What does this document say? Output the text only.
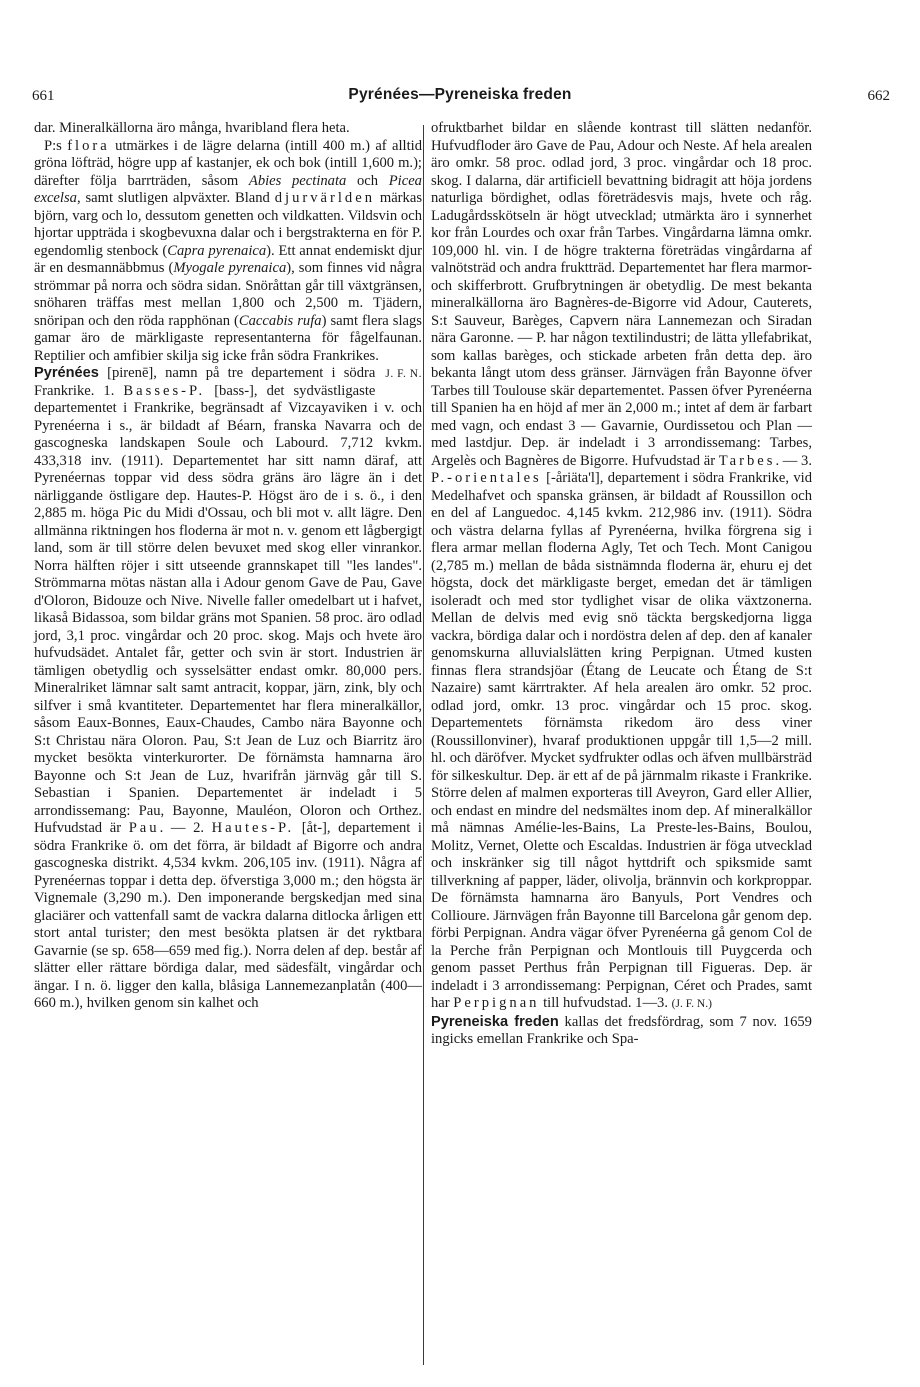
661	Pyrénées—Pyreneiska freden	662

dar. Mineralkällorna äro många, hvaribland flera heta.

P:s flora utmärkes i de lägre delarna (intill 400 m.) af alltid gröna löfträd, högre upp af kastanjer, ek och bok (intill 1,600 m.); därefter följa barrträden, såsom Abies pectinata och Picea excelsa, samt slutligen alpväxter. Bland djurvärlden märkas björn, varg och lo, dessutom genetten och vildkatten. Vildsvin och hjortar uppträda i skogbevuxna dalar och i bergstrakterna en för P. egendomlig stenbock (Capra pyrenaica). Ett annat endemiskt djur är en desmannäbbmus (Myogale pyrenaica), som finnes vid några strömmar på norra och södra sidan. Snöråttan går till växtgränsen, snöharen träffas mest mellan 1,800 och 2,500 m. Tjädern, snöripan och den röda rapphönan (Caccabis rufa) samt flera slags gamar äro de märkligaste representanterna för fågelfaunan. Reptilier och amfibier skilja sig icke från södra Frankrikes.
J. F. N.

Pyrénées [pirenē], namn på tre departement i södra Frankrike. 1. Basses-P. [bass-], det sydvästligaste departementet i Frankrike, begränsadt af Vizcayaviken i v. och Pyrenéerna i s., är bildadt af Béarn, franska Navarra och de gascogneska landskapen Soule och Labourd. 7,712 kvkm. 433,318 inv. (1911). Departementet har sitt namn däraf, att Pyrenéernas toppar vid dess södra gräns äro lägre än i det närliggande östligare dep. Hautes-P. Högst äro de i s. ö., i den 2,885 m. höga Pic du Midi d'Ossau, och bli mot v. allt lägre. Den allmänna riktningen hos floderna är mot n. v. genom ett lågbergigt land, som är till större delen bevuxet med skog eller vinrankor. Norra hälften röjer i sitt utseende grannskapet till "les landes". Strömmarna mötas nästan alla i Adour genom Gave de Pau, Gave d'Oloron, Bidouze och Nive. Nivelle faller omedelbart ut i hafvet, likaså Bidassoa, som bildar gräns mot Spanien. 58 proc. äro odlad jord, 3,1 proc. vingårdar och 20 proc. skog. Majs och hvete äro hufvudsädet. Antalet får, getter och svin är stort. Industrien är tämligen obetydlig och sysselsätter endast omkr. 80,000 pers. Mineralriket lämnar salt samt antracit, koppar, järn, zink, bly och silfver i små kvantiteter. Departementet har flera mineralkällor, såsom Eaux-Bonnes, Eaux-Chaudes, Cambo nära Bayonne och S:t Christau nära Oloron. Pau, S:t Jean de Luz och Biarritz äro mycket besökta vinterkurorter. De förnämsta hamnarna äro Bayonne och S:t Jean de Luz, hvarifrån järnväg går till S. Sebastian i Spanien. Departementet är indeladt i 5 arrondissemang: Pau, Bayonne, Mauléon, Oloron och Orthez. Hufvudstad är Pau. — 2. Hautes-P. [åt-], departement i södra Frankrike ö. om det förra, är bildadt af Bigorre och andra gascogneska distrikt. 4,534 kvkm. 206,105 inv. (1911). Några af Pyrenéernas toppar i detta dep. öfverstiga 3,000 m.; den högsta är Vignemale (3,290 m.). Den imponerande bergskedjan med sina glaciärer och vattenfall samt de vackra dalarna ditlocka årligen ett stort antal turister; den mest besökta platsen är det ryktbara Gavarnie (se sp. 658—659 med fig.). Norra delen af dep. består af slätter eller rättare bördiga dalar, med sädesfält, vingårdar och ängar. I n. ö. ligger den kalla, blåsiga Lannemezanplatån (400—660 m.), hvilken genom sin kalhet och

ofruktbarhet bildar en slående kontrast till slätten nedanför. Hufvudfloder äro Gave de Pau, Adour och Neste. Af hela arealen äro omkr. 58 proc. odlad jord, 3 proc. vingårdar och 18 proc. skog. I dalarna, där artificiell bevattning bidragit att höja jordens naturliga bördighet, odlas företrädesvis majs, hvete och råg. Ladugårdsskötseln är högt utvecklad; utmärkta äro i synnerhet kor från Lourdes och oxar från Tarbes. Vingårdarna lämna omkr. 109,000 hl. vin. I de högre trakterna företrädas vingårdarna af valnötsträd och andra fruktträd. Departementet har flera marmor- och skifferbrott. Grufbrytningen är obetydlig. De mest bekanta mineralkällorna äro Bagnères-de-Bigorre vid Adour, Cauterets, S:t Sauveur, Barèges, Capvern nära Lannemezan och Siradan nära Garonne. — P. har någon textilindustri; de lätta yllefabrikat, som kallas barèges, och stickade arbeten från detta dep. äro bekanta långt utom dess gränser. Järnvägen från Bayonne öfver Tarbes till Toulouse skär departementet. Passen öfver Pyrenéerna till Spanien ha en höjd af mer än 2,000 m.; intet af dem är farbart med vagn, och endast 3 — Gavarnie, Ourdissetou och Plan — med lastdjur. Dep. är indeladt i 3 arrondissemang: Tarbes, Argelès och Bagnères de Bigorre. Hufvudstad är Tarbes. — 3. P.-orientales [-åriäta'l], departement i södra Frankrike, vid Medelhafvet och spanska gränsen, är bildadt af Roussillon och en del af Languedoc. 4,145 kvkm. 212,986 inv. (1911). Södra och västra delarna fyllas af Pyrenéerna, hvilka förgrena sig i flera armar mellan floderna Agly, Tet och Tech. Mont Canigou (2,785 m.) mellan de båda sistnämnda floderna är, ehuru ej det högsta, dock det märkligaste berget, emedan det är tämligen isoleradt och med stor tydlighet visar de olika växtzonerna. Mellan de delvis med evig snö täckta bergskedjorna ligga vackra, bördiga dalar och i nordöstra delen af dep. den af kanaler genomskurna alluvialslätten kring Perpignan. Utmed kusten finnas flera strandsjöar (Étang de Leucate och Étang de S:t Nazaire) samt kärrtrakter. Af hela arealen äro omkr. 52 proc. odlad jord, omkr. 13 proc. vingårdar och 15 proc. skog. Departementets förnämsta rikedom äro dess viner (Roussillonviner), hvaraf produktionen uppgår till 1,5—2 mill. hl. och däröfver. Mycket sydfrukter odlas och äfven mullbärsträd för silkeskultur. Dep. är ett af de på järnmalm rikaste i Frankrike. Större delen af malmen exporteras till Aveyron, Gard eller Allier, och endast en mindre del nedsmältes inom dep. Af mineralkällor må nämnas Amélie-les-Bains, La Preste-les-Bains, Boulou, Molitz, Vernet, Olette och Escaldas. Industrien är föga utvecklad och inskränker sig till något hyttdrift och spiksmide samt tillverkning af papper, läder, olivolja, brännvin och korkproppar. De förnämsta hamnarna äro Banyuls, Port Vendres och Collioure. Järnvägen från Bayonne till Barcelona går genom dep. förbi Perpignan. Andra vägar öfver Pyrenéerna gå genom Col de la Perche från Perpignan och Montlouis till Puygcerda och genom passet Perthus från Perpignan till Figueras. Dep. är indeladt i 3 arrondissemang: Perpignan, Céret och Prades, samt har Perpignan till hufvudstad. 1—3. (J. F. N.)

Pyreneiska freden kallas det fredsfördrag, som 7 nov. 1659 ingicks emellan Frankrike och Spa-
